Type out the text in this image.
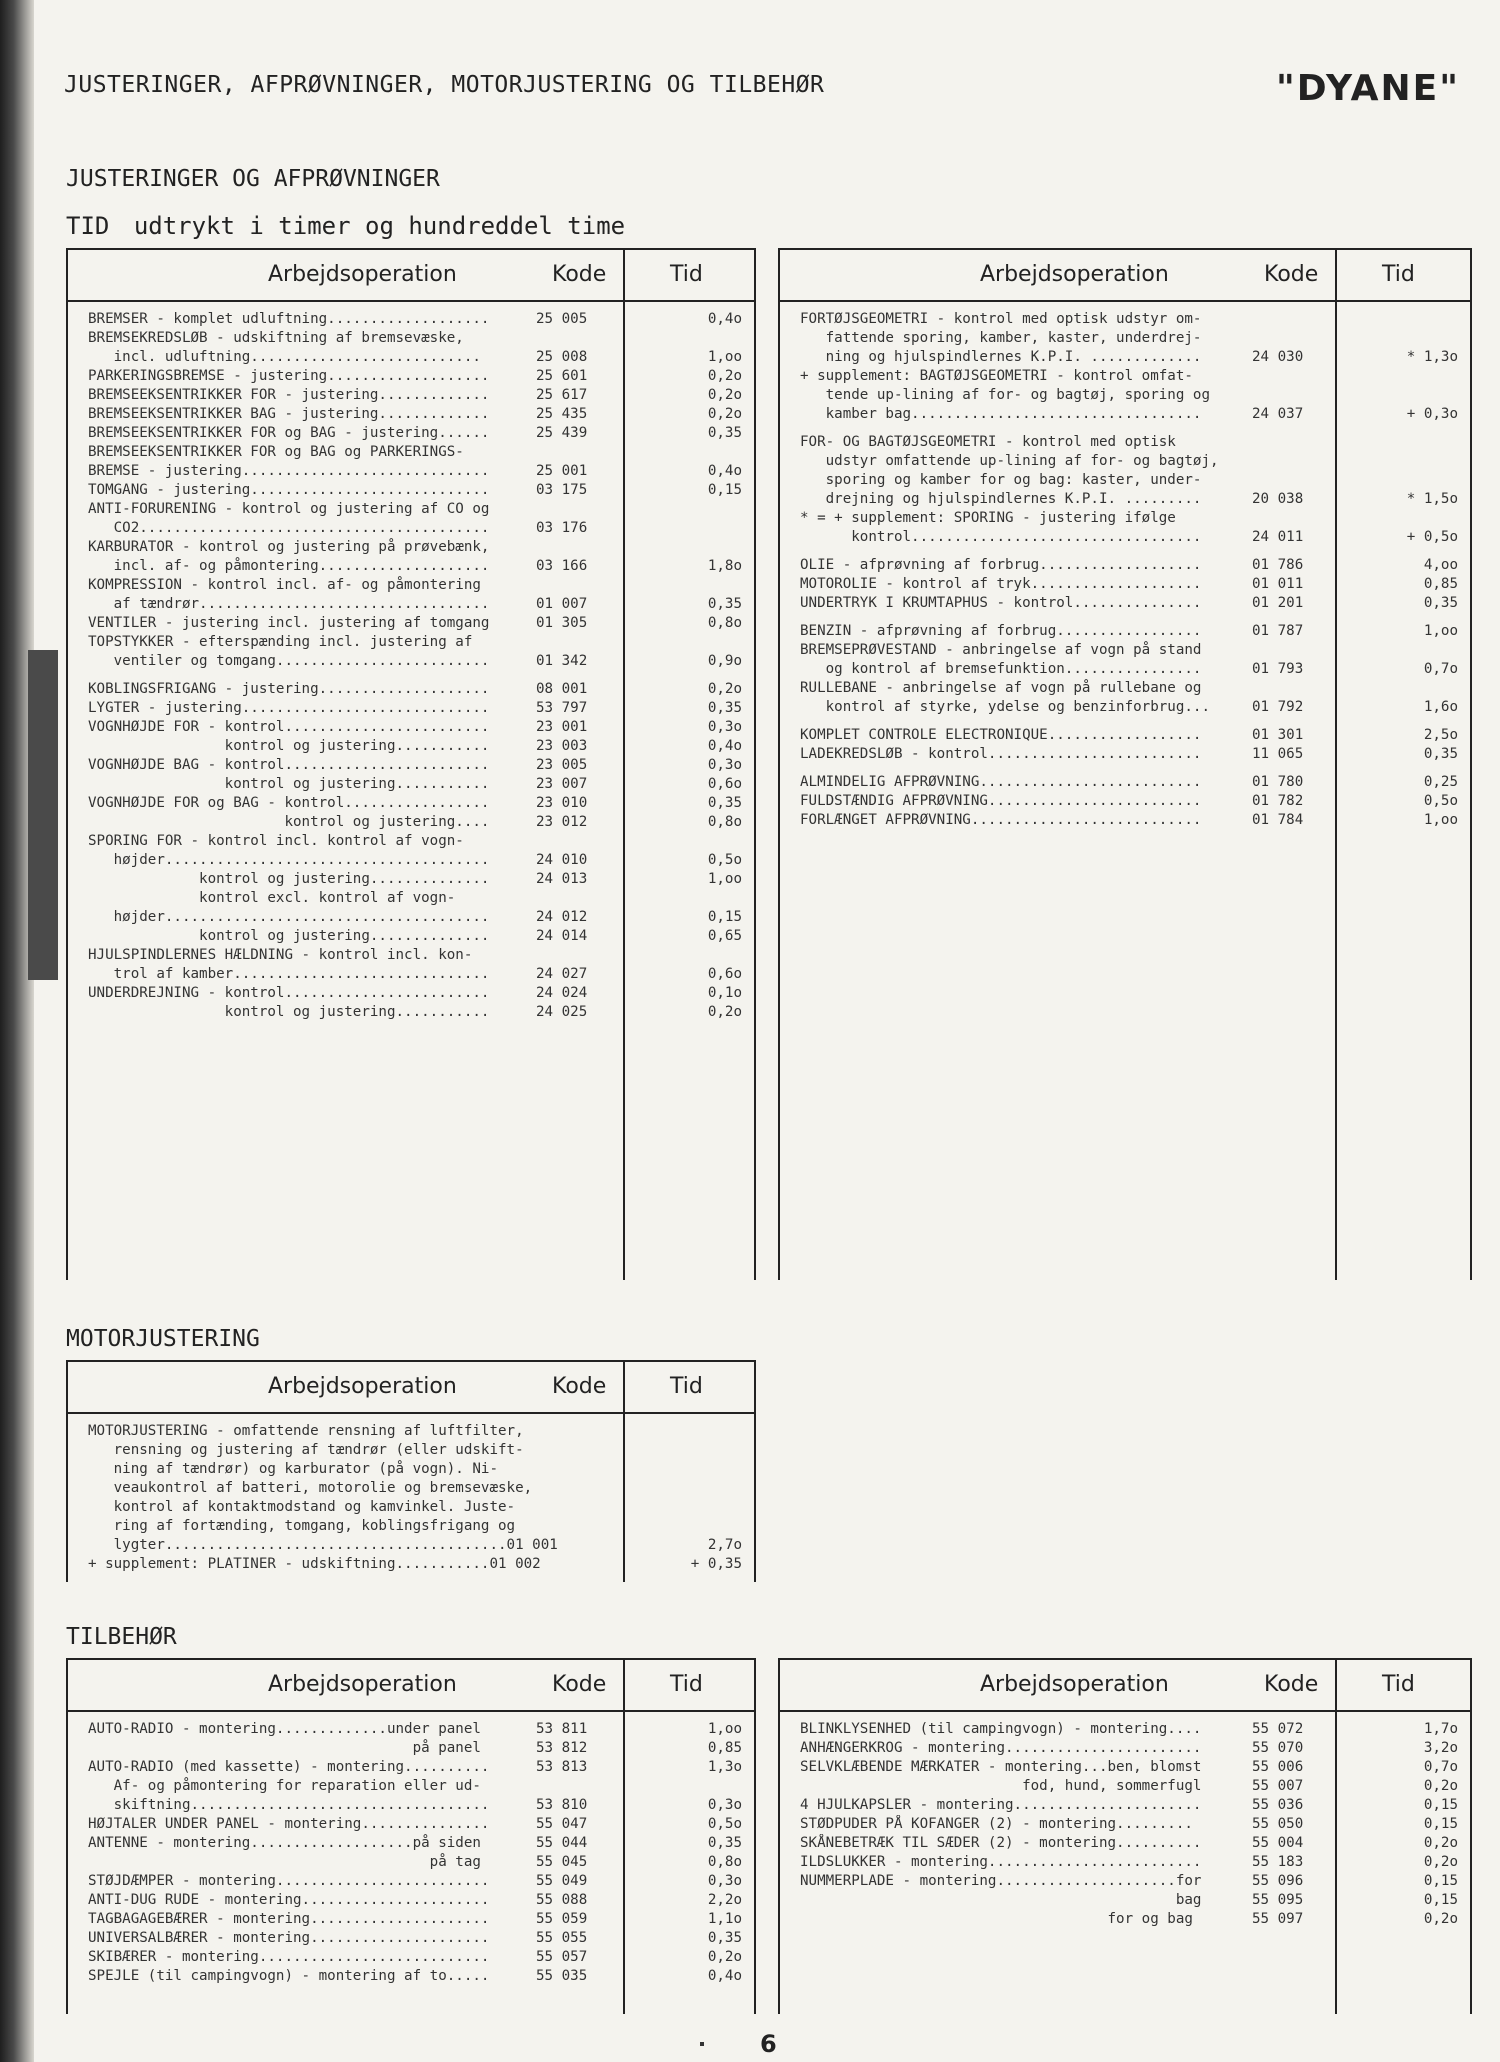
JUSTERINGER, AFPRØVNINGER, MOTORJUSTERING OG TILBEHØR	"DYANE"
JUSTERINGER OG AFPRØVNINGER
TID udtrykt i timer og hundreddel time
Arbejdsoperation	Kode	Tid
BREMSER - komplet udluftning...................	25 005	0,4o
BREMSEKREDSLØB - udskiftning af bremsevæske,
incl. udluftning...........................	25 008	1,oo
PARKERINGSBREMSE - justering...................	25 601	0,2o
BREMSEEKSENTRIKKER FOR - justering.............	25 617	0,2o
BREMSEEKSENTRIKKER BAG - justering.............	25 435	0,2o
BREMSEEKSENTRIKKER FOR og BAG - justering......	25 439	0,35
BREMSEEKSENTRIKKER FOR og BAG og PARKERINGS-
BREMSE - justering.............................	25 001	0,4o
TOMGANG - justering............................	03 175	0,15
ANTI-FORURENING - kontrol og justering af CO og
CO2.........................................	03 176
KARBURATOR - kontrol og justering på prøvebænk,
incl. af- og påmontering....................	03 166	1,8o
KOMPRESSION - kontrol incl. af- og påmontering
af tændrør..................................	01 007	0,35
VENTILER - justering incl. justering af tomgang	01 305	0,8o
TOPSTYKKER - efterspænding incl. justering af
ventiler og tomgang.........................	01 342	0,9o
KOBLINGSFRIGANG - justering....................	08 001	0,2o
LYGTER - justering.............................	53 797	0,35
VOGNHØJDE FOR - kontrol........................	23 001	0,3o
kontrol og justering...........	23 003	0,4o
VOGNHØJDE BAG - kontrol........................	23 005	0,3o
kontrol og justering...........	23 007	0,6o
VOGNHØJDE FOR og BAG - kontrol.................	23 010	0,35
kontrol og justering....	23 012	0,8o
SPORING FOR - kontrol incl. kontrol af vogn-
højder......................................	24 010	0,5o
kontrol og justering..............	24 013	1,oo
kontrol excl. kontrol af vogn-
højder......................................	24 012	0,15
kontrol og justering..............	24 014	0,65
HJULSPINDLERNES HÆLDNING - kontrol incl. kon-
trol af kamber..............................	24 027	0,6o
UNDERDREJNING - kontrol........................	24 024	0,1o
kontrol og justering...........	24 025	0,2o
Arbejdsoperation	Kode	Tid
FORTØJSGEOMETRI - kontrol med optisk udstyr om-
fattende sporing, kamber, kaster, underdrej-
ning og hjulspindlernes K.P.I. .............	24 030	* 1,3o
+ supplement: BAGTØJSGEOMETRI - kontrol omfat-
tende up-lining af for- og bagtøj, sporing og
kamber bag..................................	24 037	+ 0,3o
FOR- OG BAGTØJSGEOMETRI - kontrol med optisk
udstyr omfattende up-lining af for- og bagtøj,
sporing og kamber for og bag: kaster, under-
drejning og hjulspindlernes K.P.I. .........	20 038	* 1,5o
* = + supplement: SPORING - justering ifølge
kontrol..................................	24 011	+ 0,5o
OLIE - afprøvning af forbrug...................	01 786	4,oo
MOTOROLIE - kontrol af tryk....................	01 011	0,85
UNDERTRYK I KRUMTAPHUS - kontrol...............	01 201	0,35
BENZIN - afprøvning af forbrug.................	01 787	1,oo
BREMSEPRØVESTAND - anbringelse af vogn på stand
og kontrol af bremsefunktion................	01 793	0,7o
RULLEBANE - anbringelse af vogn på rullebane og
kontrol af styrke, ydelse og benzinforbrug...	01 792	1,6o
KOMPLET CONTROLE ELECTRONIQUE..................	01 301	2,5o
LADEKREDSLØB - kontrol.........................	11 065	0,35
ALMINDELIG AFPRØVNING..........................	01 780	0,25
FULDSTÆNDIG AFPRØVNING.........................	01 782	0,5o
FORLÆNGET AFPRØVNING...........................	01 784	1,oo
MOTORJUSTERING
Arbejdsoperation	Kode	Tid
MOTORJUSTERING - omfattende rensning af luftfilter,
rensning og justering af tændrør (eller udskift-
ning af tændrør) og karburator (på vogn). Ni-
veaukontrol af batteri, motorolie og bremsevæske,
kontrol af kontaktmodstand og kamvinkel. Juste-
ring af fortænding, tomgang, koblingsfrigang og
lygter........................................01 001	2,7o
+ supplement: PLATINER - udskiftning...........01 002	+ 0,35
TILBEHØR
Arbejdsoperation	Kode	Tid
AUTO-RADIO - montering.............under panel	53 811	1,oo
på panel	53 812	0,85
AUTO-RADIO (med kassette) - montering..........	53 813	1,3o
Af- og påmontering for reparation eller ud-
skiftning...................................	53 810	0,3o
HØJTALER UNDER PANEL - montering...............	55 047	0,5o
ANTENNE - montering...................på siden	55 044	0,35
på tag	55 045	0,8o
STØJDÆMPER - montering.........................	55 049	0,3o
ANTI-DUG RUDE - montering......................	55 088	2,2o
TAGBAGAGEBÆRER - montering.....................	55 059	1,1o
UNIVERSALBÆRER - montering.....................	55 055	0,35
SKIBÆRER - montering...........................	55 057	0,2o
SPEJLE (til campingvogn) - montering af to.....	55 035	0,4o
Arbejdsoperation	Kode	Tid
BLINKLYSENHED (til campingvogn) - montering....	55 072	1,7o
ANHÆNGERKROG - montering.......................	55 070	3,2o
SELVKLÆBENDE MÆRKATER - montering...ben, blomst	55 006	0,7o
fod, hund, sommerfugl	55 007	0,2o
4 HJULKAPSLER - montering......................	55 036	0,15
STØDPUDER PÅ KOFANGER (2) - montering.........	55 050	0,15
SKÅNEBETRÆK TIL SÆDER (2) - montering..........	55 004	0,2o
ILDSLUKKER - montering.........................	55 183	0,2o
NUMMERPLADE - montering.....................for	55 096	0,15
bag	55 095	0,15
for og bag	55 097	0,2o
6
